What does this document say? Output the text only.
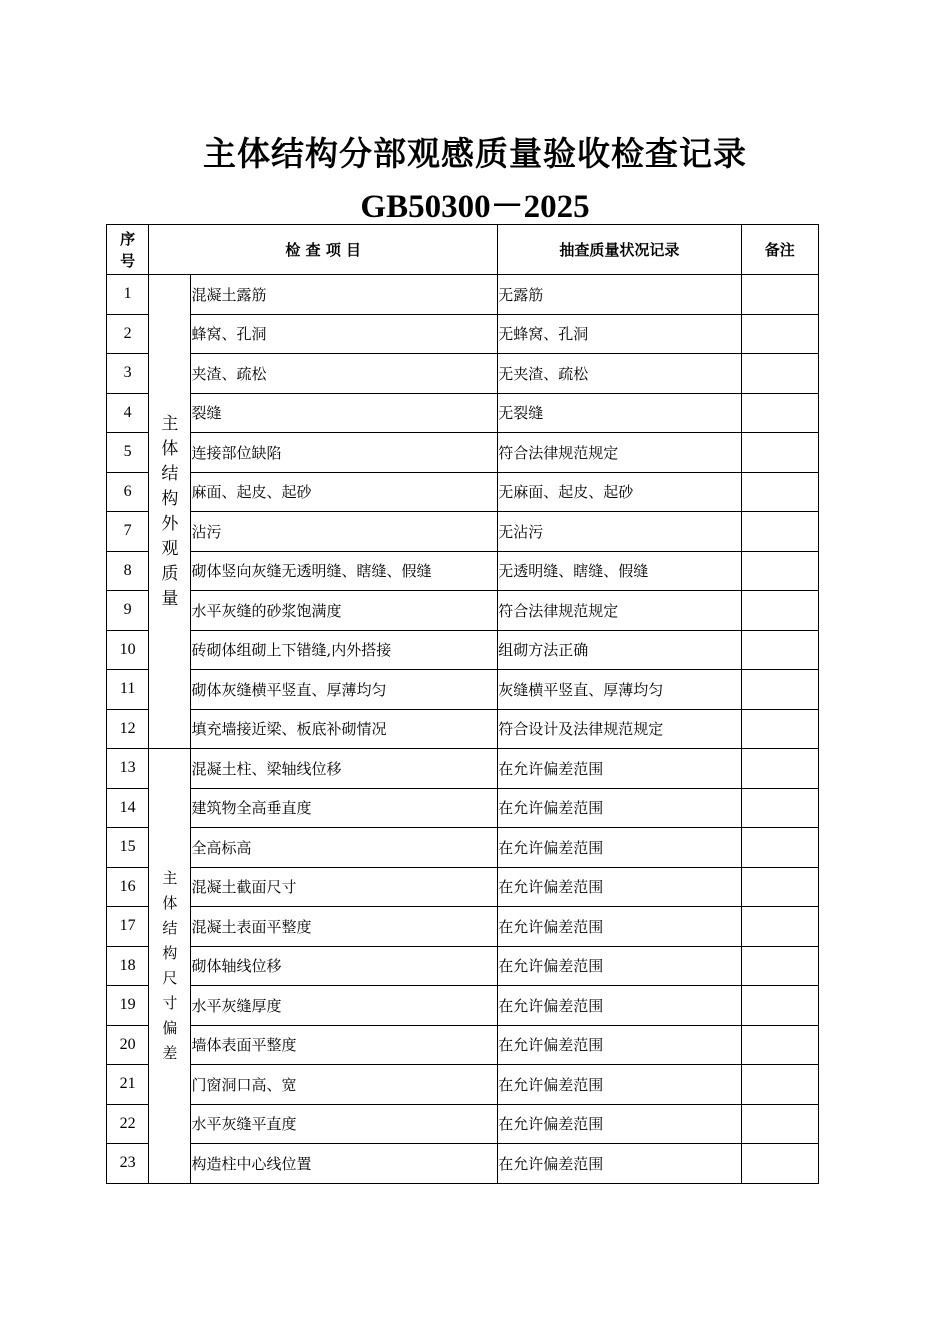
主体结构分部观感质量验收检查记录
GB50300－2025
序号	检 查 项 目		抽查质量状况记录	备注
1	主体结构外观质量	混凝土露筋	无露筋	
2		蜂窝、孔洞	无蜂窝、孔洞	
3		夹渣、疏松	无夹渣、疏松	
4		裂缝	无裂缝	
5		连接部位缺陷	符合法律规范规定	
6		麻面、起皮、起砂	无麻面、起皮、起砂	
7		沾污	无沾污	
8		砌体竖向灰缝无透明缝、瞎缝、假缝	无透明缝、瞎缝、假缝	
9		水平灰缝的砂浆饱满度	符合法律规范规定	
10		砖砌体组砌上下错缝,内外搭接	组砌方法正确	
11		砌体灰缝横平竖直、厚薄均匀	灰缝横平竖直、厚薄均匀	
12		填充墙接近梁、板底补砌情况	符合设计及法律规范规定	
13	主体结构尺寸偏差	混凝土柱、梁轴线位移	在允许偏差范围	
14		建筑物全高垂直度	在允许偏差范围	
15		全高标高	在允许偏差范围	
16		混凝土截面尺寸	在允许偏差范围	
17		混凝土表面平整度	在允许偏差范围	
18		砌体轴线位移	在允许偏差范围	
19		水平灰缝厚度	在允许偏差范围	
20		墙体表面平整度	在允许偏差范围	
21		门窗洞口高、宽	在允许偏差范围	
22		水平灰缝平直度	在允许偏差范围	
23		构造柱中心线位置	在允许偏差范围	
